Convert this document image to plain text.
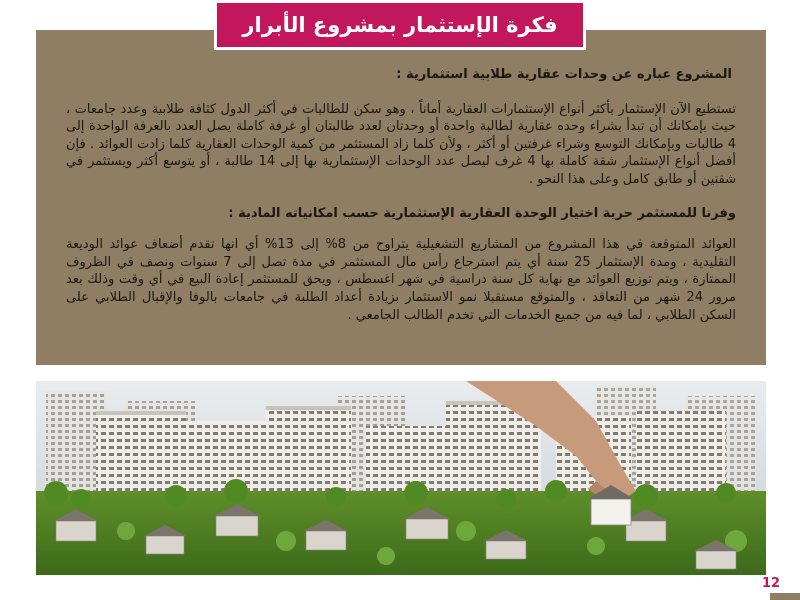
فكرة الإستثمار بمشروع الأبرار

المشروع عباره عن وحدات عقارية طلابية استثمارية :

تستطيع الآن الإستثمار بأكثر أنواع الإستثمارات العقارية أماناً ، وهو سكن للطالبات في أكثر الدول كثافة طلابية وعدد جامعات ، حيث بإمكانك أن تبدأ بشراء وحده عقارية لطالبة واحدة أو وحدتان لعدد طالبتان أو غرفة كاملة يصل العدد بالغرفة الواحدة إلى 4 طالبات وبإمكانك التوسع وشراء غرفتين أو أكثر ، ولأن كلما زاد المستثمر من كمية الوحدات العقارية كلما زادت العوائد . فإن أفضل أنواع الإستثمار شقة كاملة بها 4 غرف ليصل عدد الوحدات الإستثمارية بها إلى 14 طالبة ، أو يتوسع أكثر ويستثمر في شقتين أو طابق كامل وعلى هذا النحو .

وفرنا للمستثمر حرية اختيار الوحدة العقارية الإستثمارية حسب امكانياته المادية :

العوائد المتوقعة في هذا المشروع من المشاريع التشغيلية يتراوح من 8% إلى 13% أي انها تقدم أضعاف عوائد الوديعة التقليدية ، ومدة الإستثمار 25 سنة أي يتم استرجاع رأس مال المستثمر في مدة تصل إلى 7 سنوات ونصف في الظروف الممتازة ، ويتم توزيع العوائد مع نهاية كل سنة دراسية في شهر اغسطس ، ويحق للمستثمر إعادة البيع في أي وقت وذلك بعد مرور 24 شهر من التعاقد ، والمتوقع مستقبلا نمو الاستثمار بزيادة أعداد الطلبة في جامعات بالوفا والإقبال الطلابي على السكن الطلابي ، لما فيه من جميع الخدمات التي تخدم الطالب الجامعي .

12
